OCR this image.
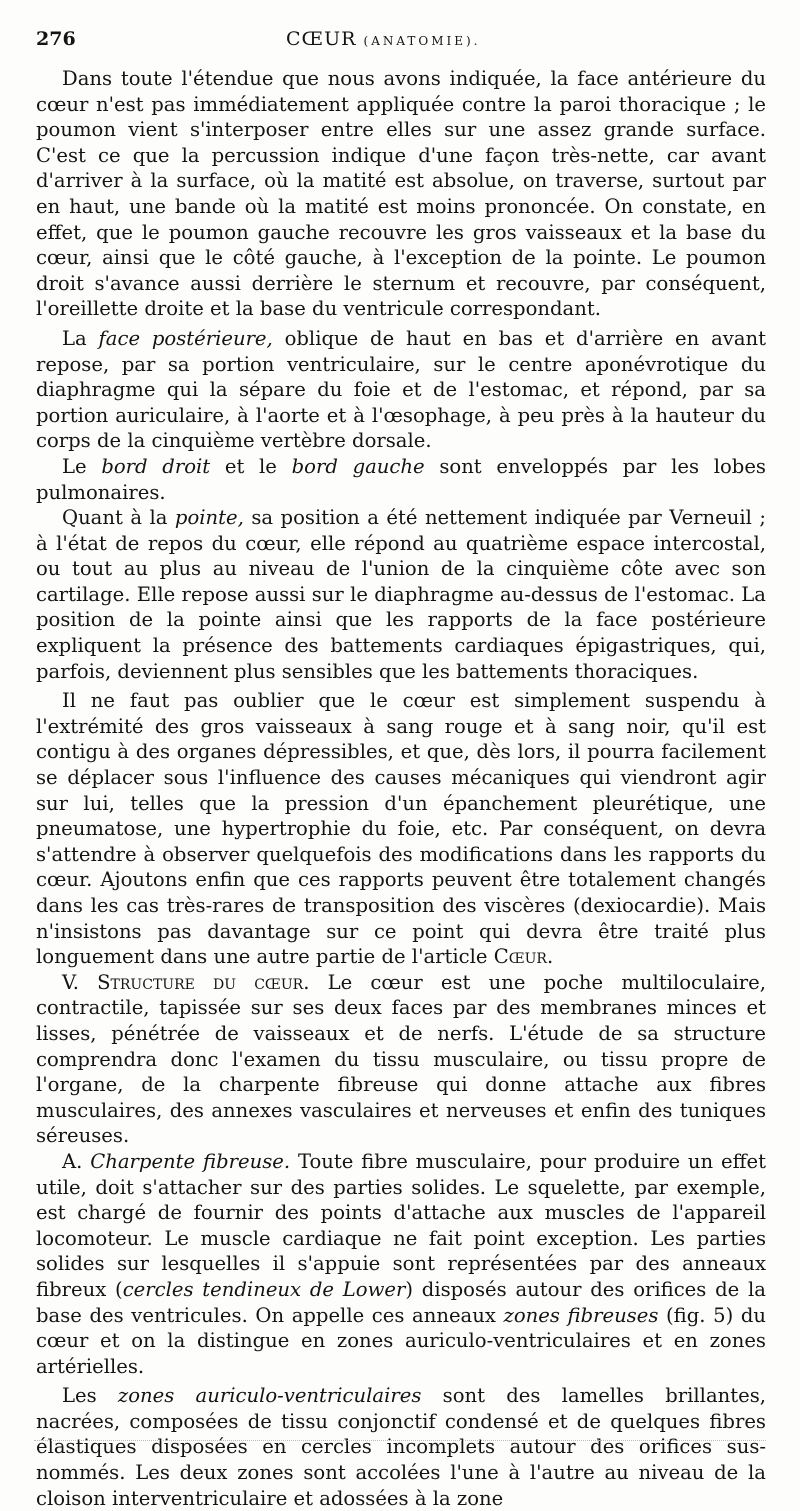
276	CŒUR (ANATOMIE).

Dans toute l'étendue que nous avons indiquée, la face antérieure du cœur n'est pas immédiatement appliquée contre la paroi thoracique ; le poumon vient s'interposer entre elles sur une assez grande surface. C'est ce que la percussion indique d'une façon très-nette, car avant d'arriver à la surface, où la matité est absolue, on traverse, surtout par en haut, une bande où la matité est moins prononcée. On constate, en effet, que le poumon gauche recouvre les gros vaisseaux et la base du cœur, ainsi que le côté gauche, à l'exception de la pointe. Le poumon droit s'avance aussi derrière le sternum et recouvre, par conséquent, l'oreillette droite et la base du ventricule correspondant.

La face postérieure, oblique de haut en bas et d'arrière en avant repose, par sa portion ventriculaire, sur le centre aponévrotique du diaphragme qui la sépare du foie et de l'estomac, et répond, par sa portion auriculaire, à l'aorte et à l'œsophage, à peu près à la hauteur du corps de la cinquième vertèbre dorsale.

Le bord droit et le bord gauche sont enveloppés par les lobes pulmonaires.

Quant à la pointe, sa position a été nettement indiquée par Verneuil ; à l'état de repos du cœur, elle répond au quatrième espace intercostal, ou tout au plus au niveau de l'union de la cinquième côte avec son cartilage. Elle repose aussi sur le diaphragme au-dessus de l'estomac. La position de la pointe ainsi que les rapports de la face postérieure expliquent la présence des battements cardiaques épigastriques, qui, parfois, deviennent plus sensibles que les battements thoraciques.

Il ne faut pas oublier que le cœur est simplement suspendu à l'extrémité des gros vaisseaux à sang rouge et à sang noir, qu'il est contigu à des organes dépressibles, et que, dès lors, il pourra facilement se déplacer sous l'influence des causes mécaniques qui viendront agir sur lui, telles que la pression d'un épanchement pleurétique, une pneumatose, une hypertrophie du foie, etc. Par conséquent, on devra s'attendre à observer quelquefois des modifications dans les rapports du cœur. Ajoutons enfin que ces rapports peuvent être totalement changés dans les cas très-rares de transposition des viscères (dexiocardie). Mais n'insistons pas davantage sur ce point qui devra être traité plus longuement dans une autre partie de l'article Cœur.

V. Structure du cœur. Le cœur est une poche multiloculaire, contractile, tapissée sur ses deux faces par des membranes minces et lisses, pénétrée de vaisseaux et de nerfs. L'étude de sa structure comprendra donc l'examen du tissu musculaire, ou tissu propre de l'organe, de la charpente fibreuse qui donne attache aux fibres musculaires, des annexes vasculaires et nerveuses et enfin des tuniques séreuses.

A. Charpente fibreuse. Toute fibre musculaire, pour produire un effet utile, doit s'attacher sur des parties solides. Le squelette, par exemple, est chargé de fournir des points d'attache aux muscles de l'appareil locomoteur. Le muscle cardiaque ne fait point exception. Les parties solides sur lesquelles il s'appuie sont représentées par des anneaux fibreux (cercles tendineux de Lower) disposés autour des orifices de la base des ventricules. On appelle ces anneaux zones fibreuses (fig. 5) du cœur et on la distingue en zones auriculo-ventriculaires et en zones artérielles.

Les zones auriculo-ventriculaires sont des lamelles brillantes, nacrées, composées de tissu conjonctif condensé et de quelques fibres élastiques disposées en cercles incomplets autour des orifices sus-nommés. Les deux zones sont accolées l'une à l'autre au niveau de la cloison interventriculaire et adossées à la zone
